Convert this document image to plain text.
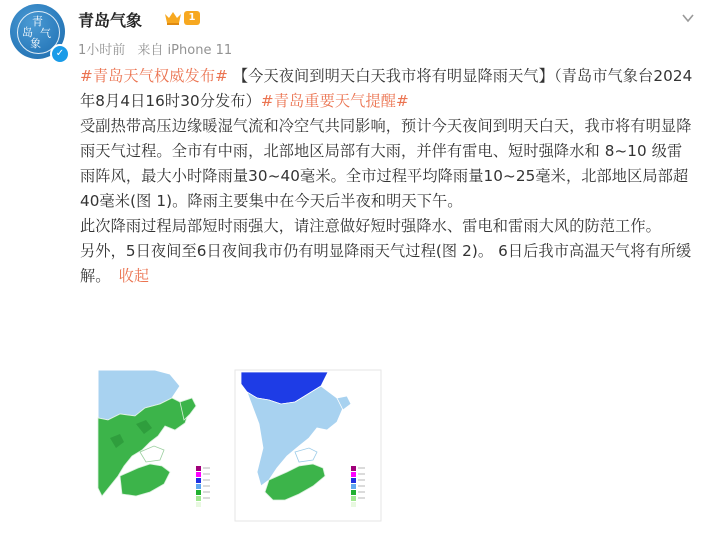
青
岛 气
象
✓
青岛气象	1
1小时前 来自 iPhone 11

#青岛天气权威发布# 【今天夜间到明天白天我市将有明显降雨天气】（青岛市气象台2024年8月4日16时30分发布）#青岛重要天气提醒#

受副热带高压边缘暖湿气流和冷空气共同影响，预计今天夜间到明天白天，我市将有明显降雨天气过程。全市有中雨，北部地区局部有大雨，并伴有雷电、短时强降水和 8~10 级雷雨阵风，最大小时降雨量30~40毫米。全市过程平均降雨量10~25毫米，北部地区局部超40毫米(图 1)。降雨主要集中在今天后半夜和明天下午。

此次降雨过程局部短时雨强大，请注意做好短时强降水、雷电和雷雨大风的防范工作。

另外，5日夜间至6日夜间我市仍有明显降雨天气过程(图 2)。 6日后我市高温天气将有所缓解。 收起
